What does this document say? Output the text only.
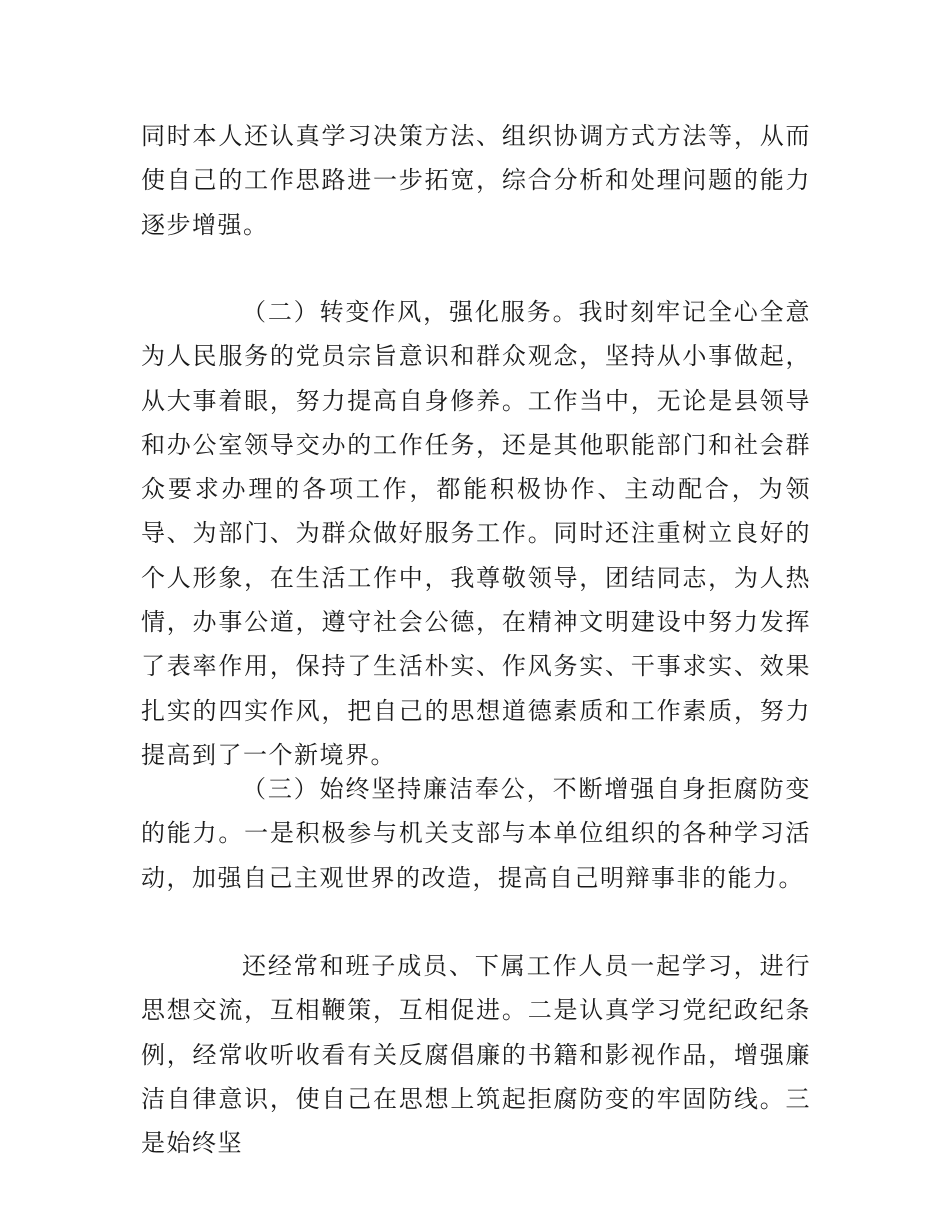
同时本人还认真学习决策方法、组织协调方式方法等，从而使自己的工作思路进一步拓宽，综合分析和处理问题的能力逐步增强。

（二）转变作风，强化服务。我时刻牢记全心全意为人民服务的党员宗旨意识和群众观念，坚持从小事做起，从大事着眼，努力提高自身修养。工作当中，无论是县领导和办公室领导交办的工作任务，还是其他职能部门和社会群众要求办理的各项工作，都能积极协作、主动配合，为领导、为部门、为群众做好服务工作。同时还注重树立良好的个人形象，在生活工作中，我尊敬领导，团结同志，为人热情，办事公道，遵守社会公德，在精神文明建设中努力发挥了表率作用，保持了生活朴实、作风务实、干事求实、效果扎实的四实作风，把自己的思想道德素质和工作素质，努力提高到了一个新境界。

（三）始终坚持廉洁奉公，不断增强自身拒腐防变的能力。一是积极参与机关支部与本单位组织的各种学习活动，加强自己主观世界的改造，提高自己明辩事非的能力。

还经常和班子成员、下属工作人员一起学习，进行思想交流，互相鞭策，互相促进。二是认真学习党纪政纪条例，经常收听收看有关反腐倡廉的书籍和影视作品，增强廉洁自律意识，使自己在思想上筑起拒腐防变的牢固防线。三是始终坚
